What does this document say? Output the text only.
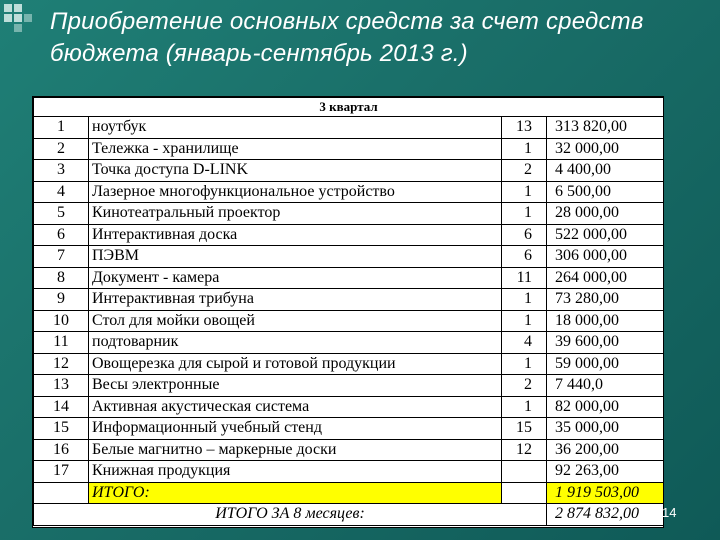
Приобретение основных средств за счет средств бюджета (январь-сентябрь 2013 г.)
3 квартал			
1	ноутбук	13	313 820,00
2	Тележка - хранилище	1	32 000,00
3	Точка доступа D-LINK	2	4 400,00
4	Лазерное многофункциональное устройство	1	6 500,00
5	Кинотеатральный проектор	1	28 000,00
6	Интерактивная доска	6	522 000,00
7	ПЭВМ	6	306 000,00
8	Документ - камера	11	264 000,00
9	Интерактивная трибуна	1	73 280,00
10	Стол для мойки овощей	1	18 000,00
11	подтоварник	4	39 600,00
12	Овощерезка для сырой и готовой продукции	1	59 000,00
13	Весы электронные	2	7 440,0
14	Активная акустическая система	1	82 000,00
15	Информационный учебный стенд	15	35 000,00
16	Белые магнитно – маркерные доски	12	36 200,00
17	Книжная продукция		92 263,00
	ИТОГО:		1 919 503,00
ИТОГО ЗА 8 месяцев:			2 874 832,00 14
